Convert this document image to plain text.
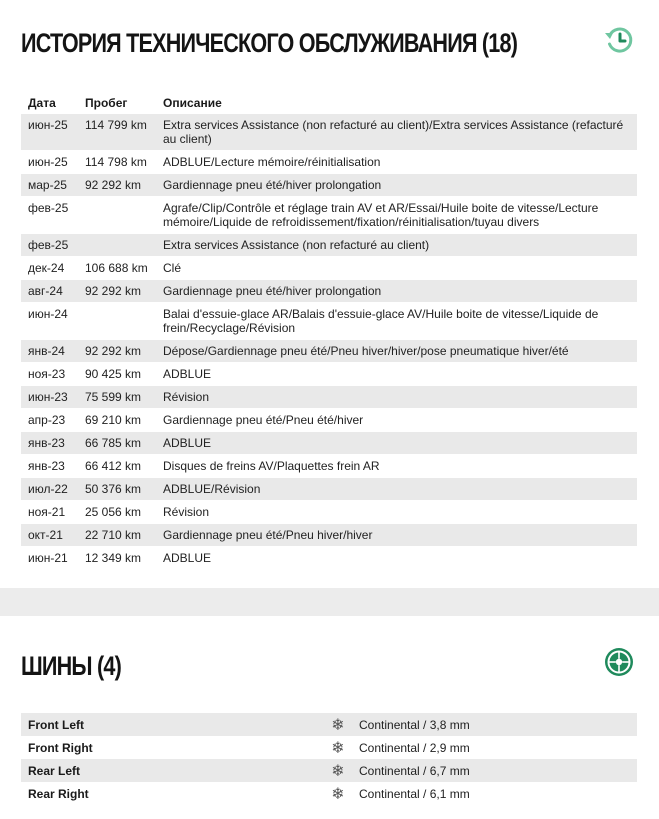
ИСТОРИЯ ТЕХНИЧЕСКОГО ОБСЛУЖИВАНИЯ (18)
Дата	Пробег	Описание
июн-25	114 799 km	Extra services Assistance (non refacturé au client)/Extra services Assistance (refacturé au client)
июн-25	114 798 km	ADBLUE/Lecture mémoire/réinitialisation
мар-25	92 292 km	Gardiennage pneu été/hiver prolongation
фев-25		Agrafe/Clip/Contrôle et réglage train AV et AR/Essai/Huile boite de vitesse/Lecture mémoire/Liquide de refroidissement/fixation/réinitialisation/tuyau divers
фев-25		Extra services Assistance (non refacturé au client)
дек-24	106 688 km	Clé
авг-24	92 292 km	Gardiennage pneu été/hiver prolongation
июн-24		Balai d'essuie-glace AR/Balais d'essuie-glace AV/Huile boite de vitesse/Liquide de frein/Recyclage/Révision
янв-24	92 292 km	Dépose/Gardiennage pneu été/Pneu hiver/hiver/pose pneumatique hiver/été
ноя-23	90 425 km	ADBLUE
июн-23	75 599 km	Révision
апр-23	69 210 km	Gardiennage pneu été/Pneu été/hiver
янв-23	66 785 km	ADBLUE
янв-23	66 412 km	Disques de freins AV/Plaquettes frein AR
июл-22	50 376 km	ADBLUE/Révision
ноя-21	25 056 km	Révision
окт-21	22 710 km	Gardiennage pneu été/Pneu hiver/hiver
июн-21	12 349 km	ADBLUE
ШИНЫ (4)
Front Left	❄	Continental / 3,8 mm
Front Right	❄	Continental / 2,9 mm
Rear Left	❄	Continental / 6,7 mm
Rear Right	❄	Continental / 6,1 mm
